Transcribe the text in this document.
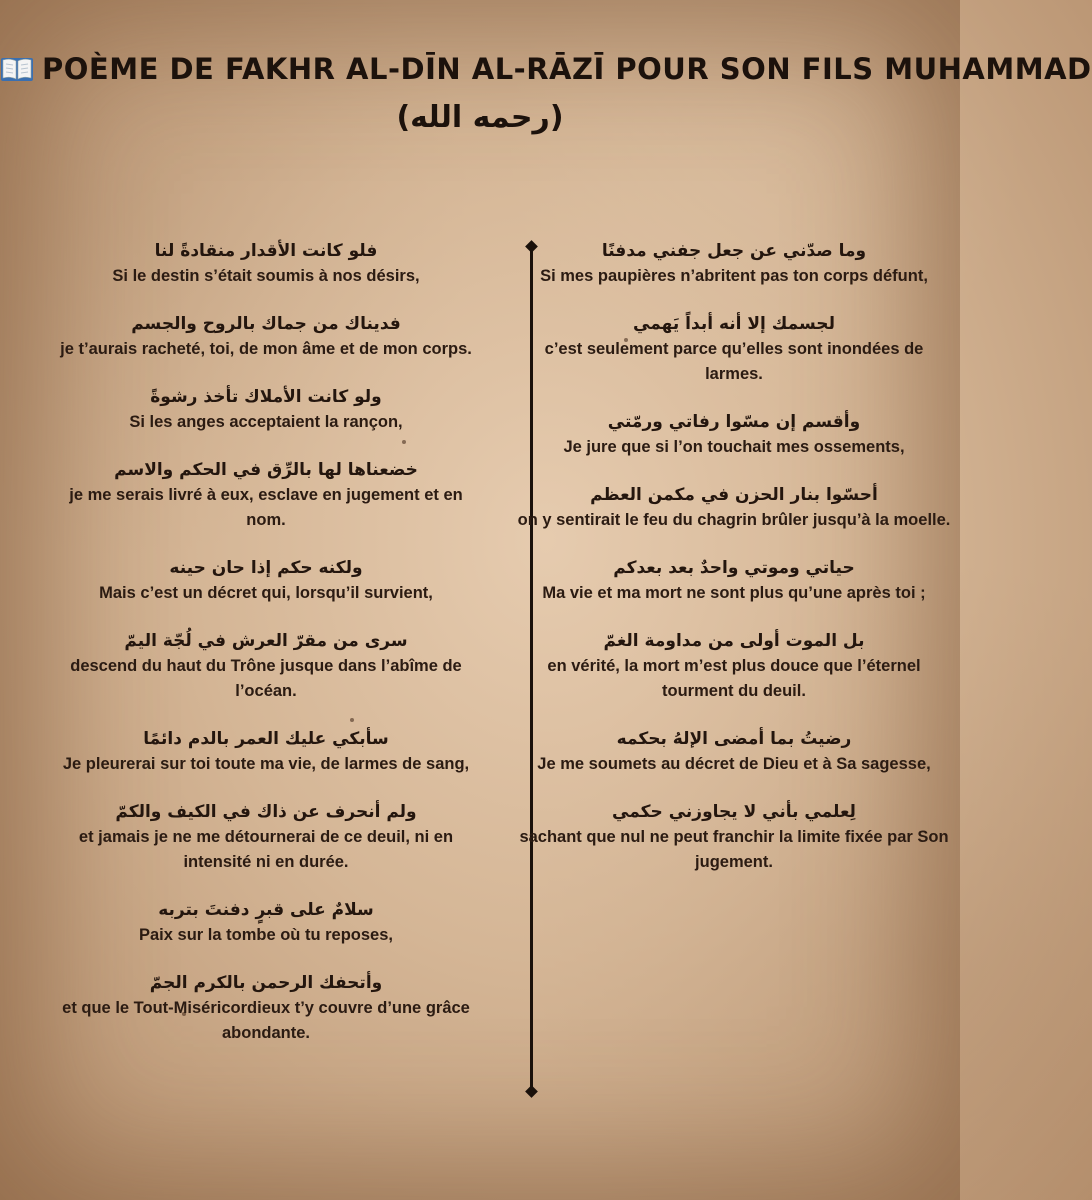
POÈME DE FAKHR AL-DĪN AL-RĀZĪ POUR SON FILS MUHAMMAD
(رحمه الله)
فلو كانت الأقدار منقادةً لنا
Si le destin s’était soumis à nos désirs,
فديناك من جماك بالروح والجسم
je t’aurais racheté, toi, de mon âme et de mon corps.
ولو كانت الأملاك تأخذ رشوةً
Si les anges acceptaient la rançon,
خضعناها لها بالرِّق في الحكم والاسم
je me serais livré à eux, esclave en jugement et en nom.
ولكنه حكم إذا حان حينه
Mais c’est un décret qui, lorsqu’il survient,
سرى من مقرّ العرش في لُجّة اليمّ
descend du haut du Trône jusque dans l’abîme de l’océan.
سأبكي عليك العمر بالدم دائمًا
Je pleurerai sur toi toute ma vie, de larmes de sang,
ولم أنحرف عن ذاك في الكيف والكمّ
et jamais je ne me détournerai de ce deuil, ni en intensité ni en durée.
سلامٌ على قبرٍ دفنتَ بتربه
Paix sur la tombe où tu reposes,
وأتحفك الرحمن بالكرم الجمّ
et que le Tout-Miséricordieux t’y couvre d’une grâce abondante.
وما صدّني عن جعل جفني مدفنًا
Si mes paupières n’abritent pas ton corps défunt,
لجسمك إلا أنه أبداً يَهمي
c’est seulement parce qu’elles sont inondées de larmes.
وأقسم إن مسّوا رفاتي ورمّتي
Je jure que si l’on touchait mes ossements,
أحسّوا بنار الحزن في مكمن العظم
on y sentirait le feu du chagrin brûler jusqu’à la moelle.
حياتي وموتي واحدٌ بعد بعدكم
Ma vie et ma mort ne sont plus qu’une après toi ;
بل الموت أولى من مداومة الغمّ
en vérité, la mort m’est plus douce que l’éternel tourment du deuil.
رضيتُ بما أمضى الإلهُ بحكمه
Je me soumets au décret de Dieu et à Sa sagesse,
لِعلمي بأني لا يجاوزني حكمي
sachant que nul ne peut franchir la limite fixée par Son jugement.
